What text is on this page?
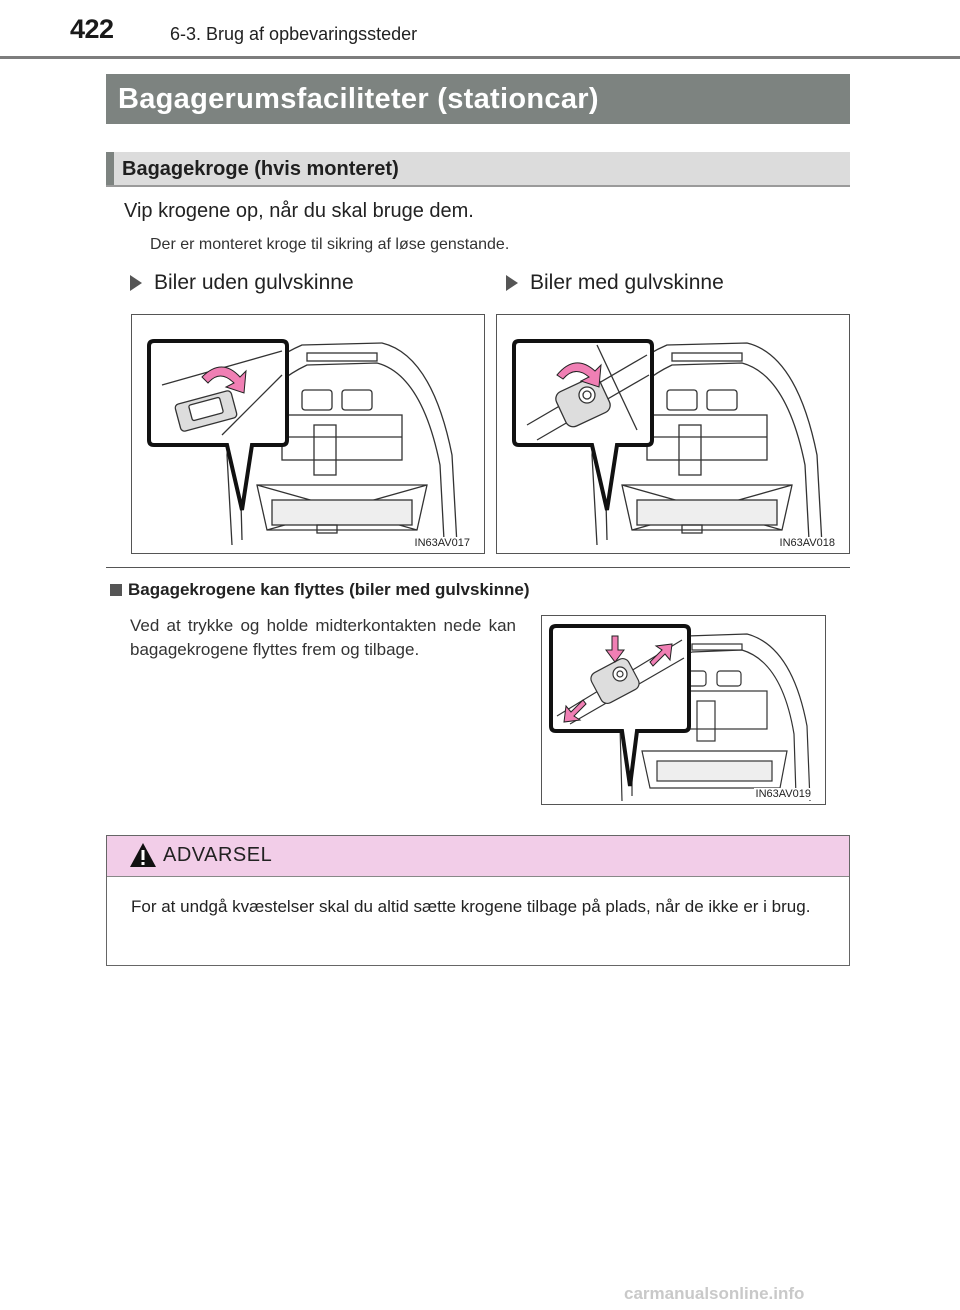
422	6-3. Brug af opbevaringssteder
Bagagerumsfaciliteter (stationcar)
Bagagekroge (hvis monteret)
Vip krogene op, når du skal bruge dem.
Der er monteret kroge til sikring af løse genstande.
Biler uden gulvskinne	Biler med gulvskinne
IN63AV017	IN63AV018
Bagagekrogene kan flyttes (biler med gulvskinne)
Ved at trykke og holde midterkontakten nede kan bagagekrogene flyttes frem og tilbage.
IN63AV019
ADVARSEL
For at undgå kvæstelser skal du altid sætte krogene tilbage på plads, når de ikke er i brug.
carmanualsonline.info
